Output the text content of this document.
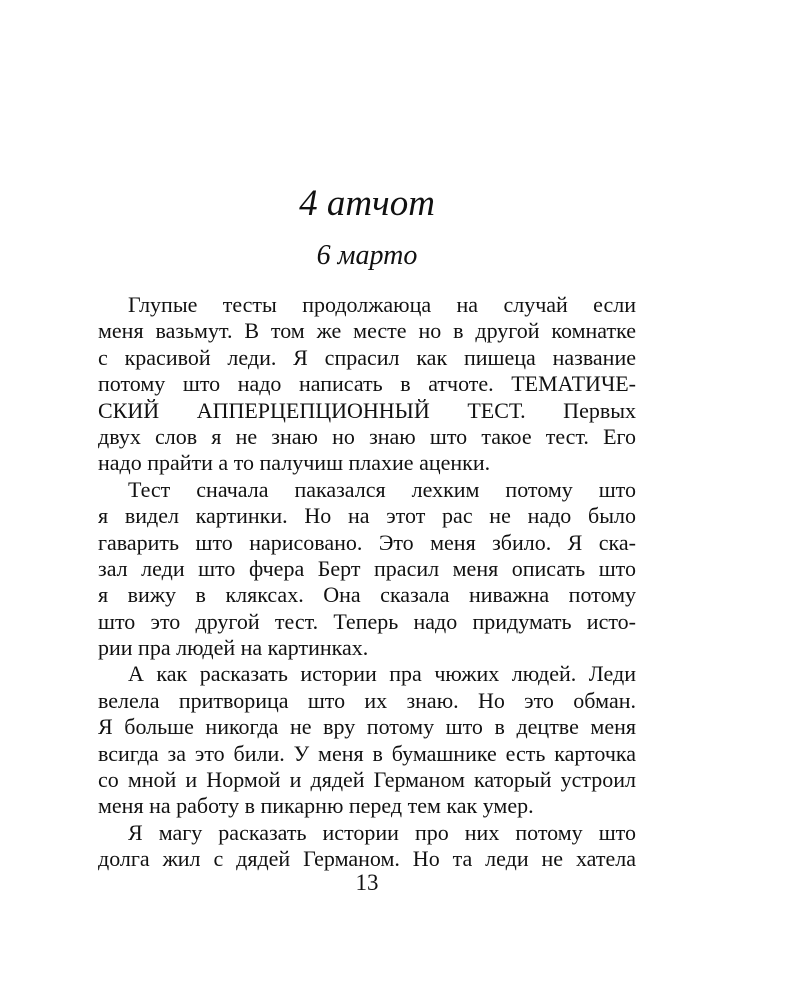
4 атчот
6 марто
Глупые тесты продолжаюца на случай если
меня вазьмут. В том же месте но в другой комнатке
с красивой леди. Я спрасил как пишеца название
потому што надо написать в атчоте. ТЕМАТИЧЕ-
СКИЙ АППЕРЦЕПЦИОННЫЙ ТЕСТ. Первых
двух слов я не знаю но знаю што такое тест. Его
надо прайти а то палучиш плахие аценки.
Тест сначала паказался лехким потому што
я видел картинки. Но на этот рас не надо было
гаварить што нарисовано. Это меня збило. Я ска-
зал леди што фчера Берт прасил меня описать што
я вижу в кляксах. Она сказала ниважна потому
што это другой тест. Теперь надо придумать исто-
рии пра людей на картинках.
А как расказать истории пра чюжих людей. Леди
велела притворица што их знаю. Но это обман.
Я больше никогда не вру потому што в децтве меня
всигда за это били. У меня в бумашнике есть карточка
со мной и Нормой и дядей Германом каторый устроил
меня на работу в пикарню перед тем как умер.
Я магу расказать истории про них потому што
долга жил с дядей Германом. Но та леди не хатела
13
